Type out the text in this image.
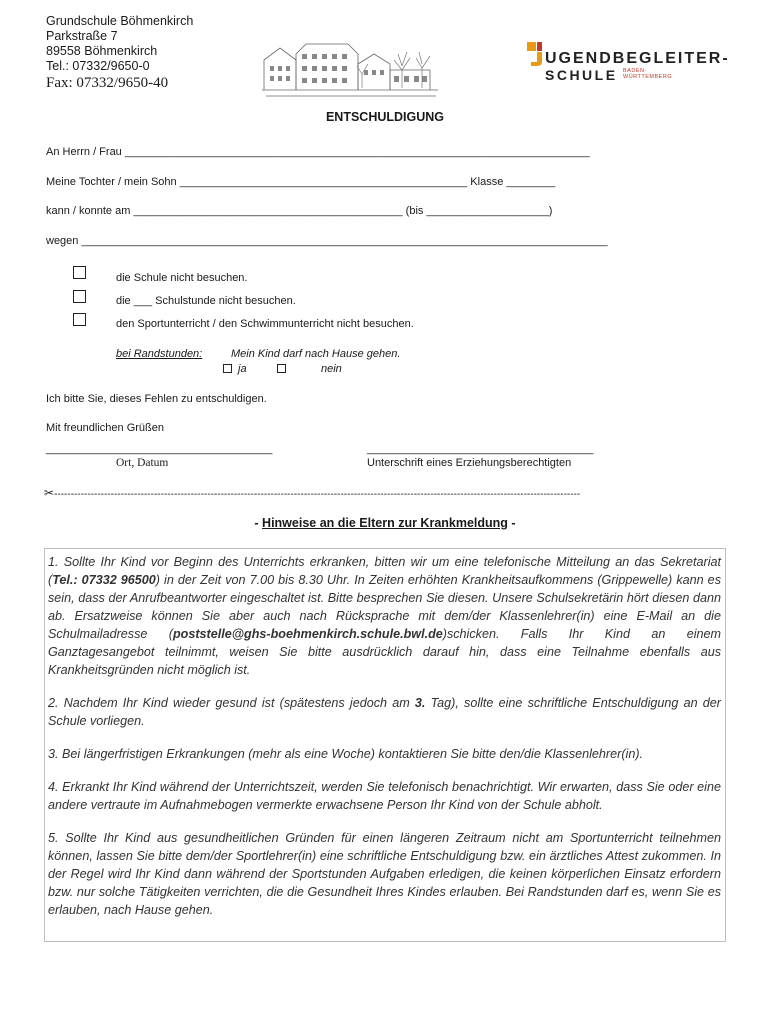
Grundschule Böhmenkirch
Parkstraße 7
89558 Böhmenkirch
Tel.: 07332/9650-0
Fax: 07332/9650-40
UGENDBEGLEITER-
SCHULE BADEN-
WÜRTTEMBERG
ENTSCHULDIGUNG
An Herrn / Frau ____________________________________________________________________________
Meine Tochter / mein Sohn _______________________________________________ Klasse ________
kann / konnte am ____________________________________________ (bis ____________________)
wegen ______________________________________________________________________________________
die Schule nicht besuchen.
die ___ Schulstunde nicht besuchen.
den Sportunterricht / den Schwimmunterricht nicht besuchen.
bei Randstunden:	Mein Kind darf nach Hause gehen.
ja	nein
Ich bitte Sie, dieses Fehlen zu entschuldigen.
Mit freundlichen Grüßen
_____________________________________	_____________________________________
Ort, Datum	Unterschrift eines Erziehungsberechtigten
✂--------------------------------------------------------------------------------------------------------------------------------------------------------------
- Hinweise an die Eltern zur Krankmeldung -

1. Sollte Ihr Kind vor Beginn des Unterrichts erkranken, bitten wir um eine telefonische Mitteilung an das Sekretariat (Tel.: 07332 96500) in der Zeit von 7.00 bis 8.30 Uhr. In Zeiten erhöhten Krankheitsaufkommens (Grippewelle) kann es sein, dass der Anrufbeantworter eingeschaltet ist. Bitte besprechen Sie diesen. Unsere Schulsekretärin hört diesen dann ab. Ersatzweise können Sie aber auch nach Rücksprache mit dem/der Klassenlehrer(in) eine E-Mail an die Schulmailadresse (poststelle@ghs-boehmenkirch.schule.bwl.de)schicken. Falls Ihr Kind an einem Ganztagesangebot teilnimmt, weisen Sie bitte ausdrücklich darauf hin, dass eine Teilnahme ebenfalls aus Krankheitsgründen nicht möglich ist.

2. Nachdem Ihr Kind wieder gesund ist (spätestens jedoch am 3. Tag), sollte eine schriftliche Entschuldigung an der Schule vorliegen.

3. Bei längerfristigen Erkrankungen (mehr als eine Woche) kontaktieren Sie bitte den/die Klassenlehrer(in).

4. Erkrankt Ihr Kind während der Unterrichtszeit, werden Sie telefonisch benachrichtigt. Wir erwarten, dass Sie oder eine andere vertraute im Aufnahmebogen vermerkte erwachsene Person Ihr Kind von der Schule abholt.

5. Sollte Ihr Kind aus gesundheitlichen Gründen für einen längeren Zeitraum nicht am Sportunterricht teilnehmen können, lassen Sie bitte dem/der Sportlehrer(in) eine schriftliche Entschuldigung bzw. ein ärztliches Attest zukommen. In der Regel wird Ihr Kind dann während der Sportstunden Aufgaben erledigen, die keinen körperlichen Einsatz erfordern bzw. nur solche Tätigkeiten verrichten, die die Gesundheit Ihres Kindes erlauben. Bei Randstunden darf es, wenn Sie es erlauben, nach Hause gehen.
